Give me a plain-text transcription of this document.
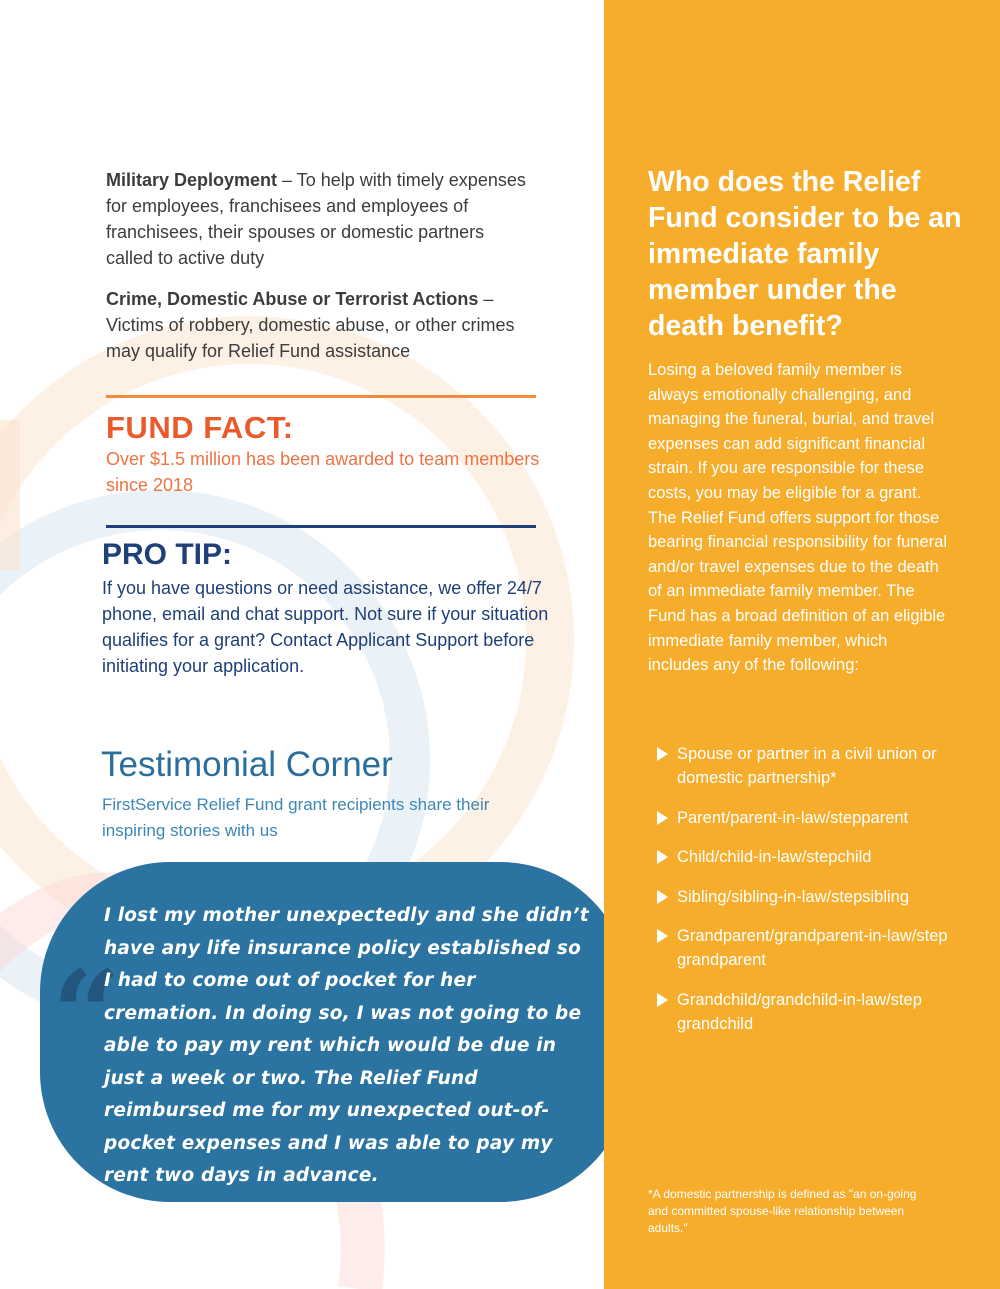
Military Deployment – To help with timely expenses for employees, franchisees and employees of franchisees, their spouses or domestic partners called to active duty
Crime, Domestic Abuse or Terrorist Actions – Victims of robbery, domestic abuse, or other crimes may qualify for Relief Fund assistance
FUND FACT:
Over $1.5 million has been awarded to team members since 2018
PRO TIP:
If you have questions or need assistance, we offer 24/7 phone, email and chat support. Not sure if your situation qualifies for a grant? Contact Applicant Support before initiating your application.
Testimonial Corner
FirstService Relief Fund grant recipients share their inspiring stories with us
“
I lost my mother unexpectedly and she didn’t have any life insurance policy established so I had to come out of pocket for her cremation. In doing so, I was not going to be able to pay my rent which would be due in just a week or two. The Relief Fund reimbursed me for my unexpected out-of-pocket expenses and I was able to pay my rent two days in advance.
Who does the Relief Fund consider to be an immediate family member under the death benefit?
Losing a beloved family member is always emotionally challenging, and managing the funeral, burial, and travel expenses can add significant financial strain. If you are responsible for these costs, you may be eligible for a grant. The Relief Fund offers support for those bearing financial responsibility for funeral and/or travel expenses due to the death of an immediate family member. The Fund has a broad definition of an eligible immediate family member, which includes any of the following:
Spouse or partner in a civil union or domestic partnership*
Parent/parent-in-law/stepparent
Child/child-in-law/stepchild
Sibling/sibling-in-law/stepsibling
Grandparent/grandparent-in-law/step grandparent
Grandchild/grandchild-in-law/step grandchild
*A domestic partnership is defined as "an on-going and committed spouse-like relationship between adults."
